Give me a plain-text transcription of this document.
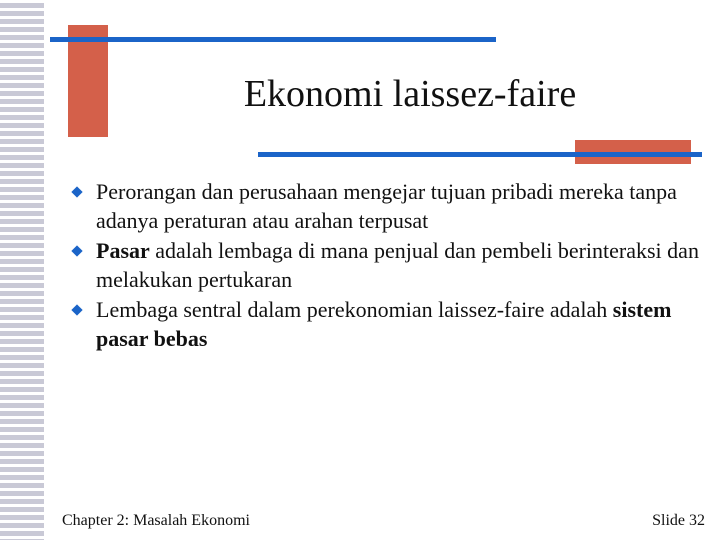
Ekonomi laissez-faire
Perorangan dan perusahaan mengejar tujuan pribadi mereka tanpa adanya peraturan atau arahan terpusat
Pasar adalah lembaga di mana penjual dan pembeli berinteraksi dan melakukan pertukaran
Lembaga sentral dalam perekonomian laissez-faire adalah sistem pasar bebas
Chapter 2: Masalah Ekonomi	Slide 32
